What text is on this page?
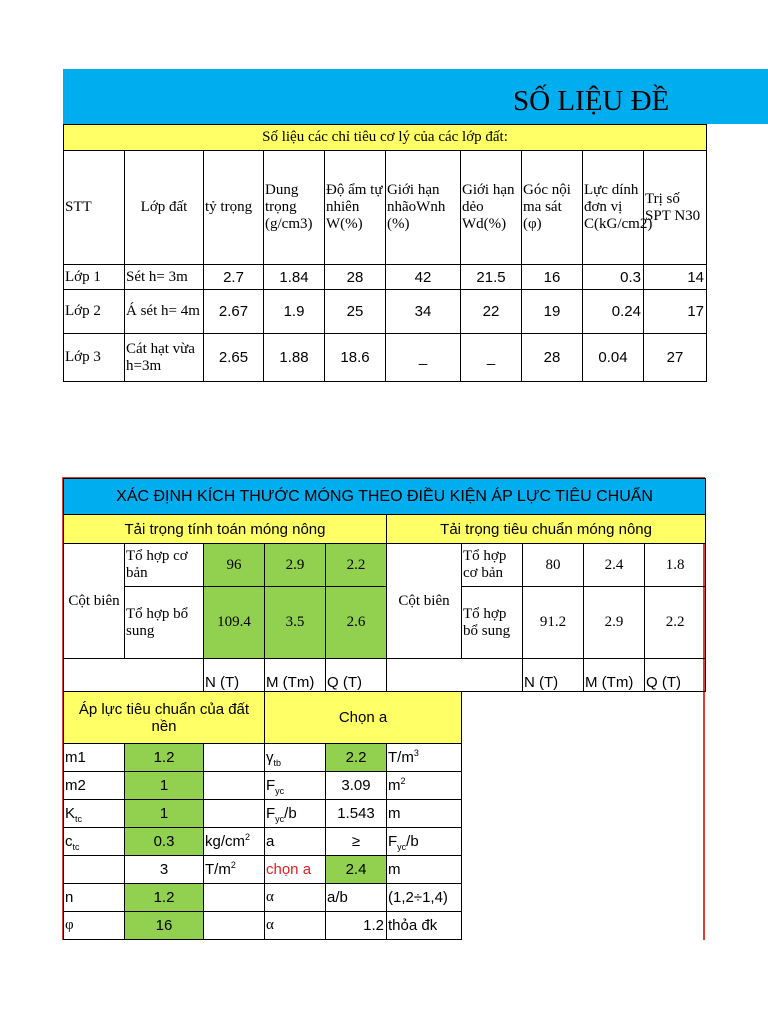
SỐ LIỆU ĐỀ
Số liệu các chỉ tiêu cơ lý của các lớp đất:									
STT	Lớp đất	tỷ trọng	Dung trọng (g/cm3)	Độ ẩm tự nhiên W(%)	Giới hạn nhãoWnh (%)	Giới hạn dẻo Wd(%)	Góc nội ma sát (φ)	Lực dính đơn vị C(kG/cm2)	Trị số SPT N30
Lớp 1	Sét h= 3m	2.7	1.84	28	42	21.5	16	0.3	14
Lớp 2	Á sét h= 4m	2.67	1.9	25	34	22	19	0.24	17
Lớp 3	Cát hạt vừa h=3m	2.65	1.88	18.6	_	_	28	0.04	27
XÁC ĐỊNH KÍCH THƯỚC MÓNG THEO ĐIỀU KIỆN ÁP LỰC TIÊU CHUẨN									
Tải trọng tính toán móng nông					Tải trọng tiêu chuẩn móng nông				
Cột biên	Tổ hợp cơ bản	96	2.9	2.2	Cột biên	Tổ hợp cơ bản	80	2.4	1.8
	Tổ hợp bổ sung	109.4	3.5	2.6		Tổ hợp bổ sung	91.2	2.9	2.2
		N (T)	M (Tm)	Q (T)			N (T)	M (Tm)	Q (T)
Áp lực tiêu chuẩn của đất nền			Chọn a						
m1	1.2		$\gamma_{tb}$	2.2	$T/m^3$	
m2	1		$F_{yc}$	3.09	$m^2$	
$K_{tc}$	1		$F_{yc}/b$	1.543	m				
$c_{tc}$	0.3	$kg/cm^2$	a	≥	$F_{yc}/b$				
	3	$T/m^2$	chọn a	2.4	m				
n	1.2		α	a/b	(1,2÷1,4)				
φ	16		α	1.2	thỏa đk				
